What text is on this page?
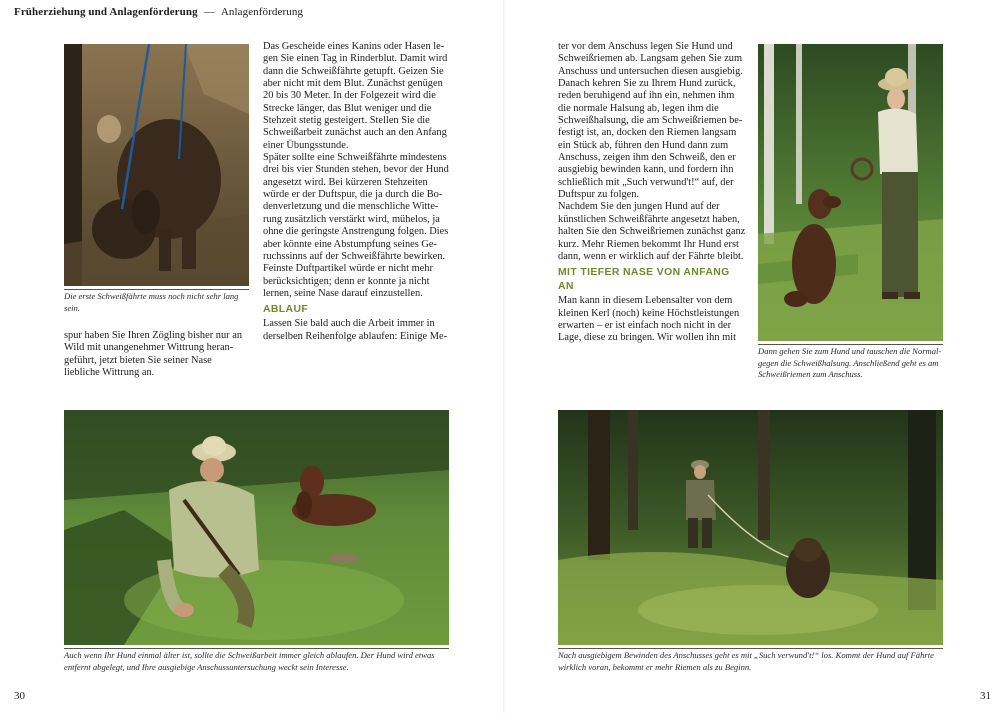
Früherziehung und Anlagenförderung — Anlagenförderung
Die erste Schweißfährte muss noch nicht sehr lang sein.

spur haben Sie Ihren Zögling bisher nur an Wild mit unangenehmer Wittrung heran-geführt, jetzt bieten Sie seiner Nase liebliche Wittrung an.

Das Gescheide eines Kanins oder Hasen le-gen Sie einen Tag in Rinderblut. Damit wird dann die Schweißfährte getupft. Geizen Sie aber nicht mit dem Blut. Zunächst genügen 20 bis 30 Meter. In der Folgezeit wird die Strecke länger, das Blut weniger und die Stehzeit stetig gesteigert. Stellen Sie die Schweißarbeit zunächst auch an den Anfang einer Übungsstunde.

Später sollte eine Schweißfährte mindestens drei bis vier Stunden stehen, bevor der Hund angesetzt wird. Bei kürzeren Stehzeiten würde er der Duftspur, die ja durch die Bo-denverletzung und die menschliche Witte-rung zusätzlich verstärkt wird, mühelos, ja ohne die geringste Anstrengung folgen. Dies aber könnte eine Abstumpfung seines Ge-ruchssinns auf der Schweißfährte bewirken. Feinste Duftpartikel würde er nicht mehr berücksichtigen; denn er konnte ja nicht lernen, seine Nase darauf einzustellen.

ABLAUF

Lassen Sie bald auch die Arbeit immer in derselben Reihenfolge ablaufen: Einige Me-

Auch wenn Ihr Hund einmal älter ist, sollte die Schweißarbeit immer gleich ablaufen. Der Hund wird etwas entfernt abgelegt, und Ihre ausgiebige Anschussuntersuchung weckt sein Interesse.
30

ter vor dem Anschuss legen Sie Hund und Schweißriemen ab. Langsam gehen Sie zum Anschuss und untersuchen diesen ausgiebig. Danach kehren Sie zu Ihrem Hund zurück, reden beruhigend auf ihn ein, nehmen ihm die normale Halsung ab, legen ihm die Schweißhalsung, die am Schweißriemen be-festigt ist, an, docken den Riemen langsam ein Stück ab, führen den Hund dann zum Anschuss, zeigen ihm den Schweiß, den er ausgiebig bewinden kann, und fordern ihn schließlich mit „Such verwund't!“ auf, der Duftspur zu folgen.

Nachdem Sie den jungen Hund auf der künstlichen Schweißfährte angesetzt haben, halten Sie den Schweißriemen zunächst ganz kurz. Mehr Riemen bekommt Ihr Hund erst dann, wenn er wirklich auf der Fährte bleibt.

MIT TIEFER NASE VON ANFANG AN

Man kann in diesem Lebensalter von dem kleinen Kerl (noch) keine Höchstleistungen erwarten – er ist einfach noch nicht in der Lage, diese zu bringen. Wir wollen ihn mit

Dann gehen Sie zum Hund und tauschen die Normal- gegen die Schweißhalsung. Anschließend geht es am Schweißriemen zum Anschuss.
Nach ausgiebigem Bewinden des Anschusses geht es mit „Such verwund't!“ los. Kommt der Hund auf Fährte wirklich voran, bekommt er mehr Riemen als zu Beginn.
31
